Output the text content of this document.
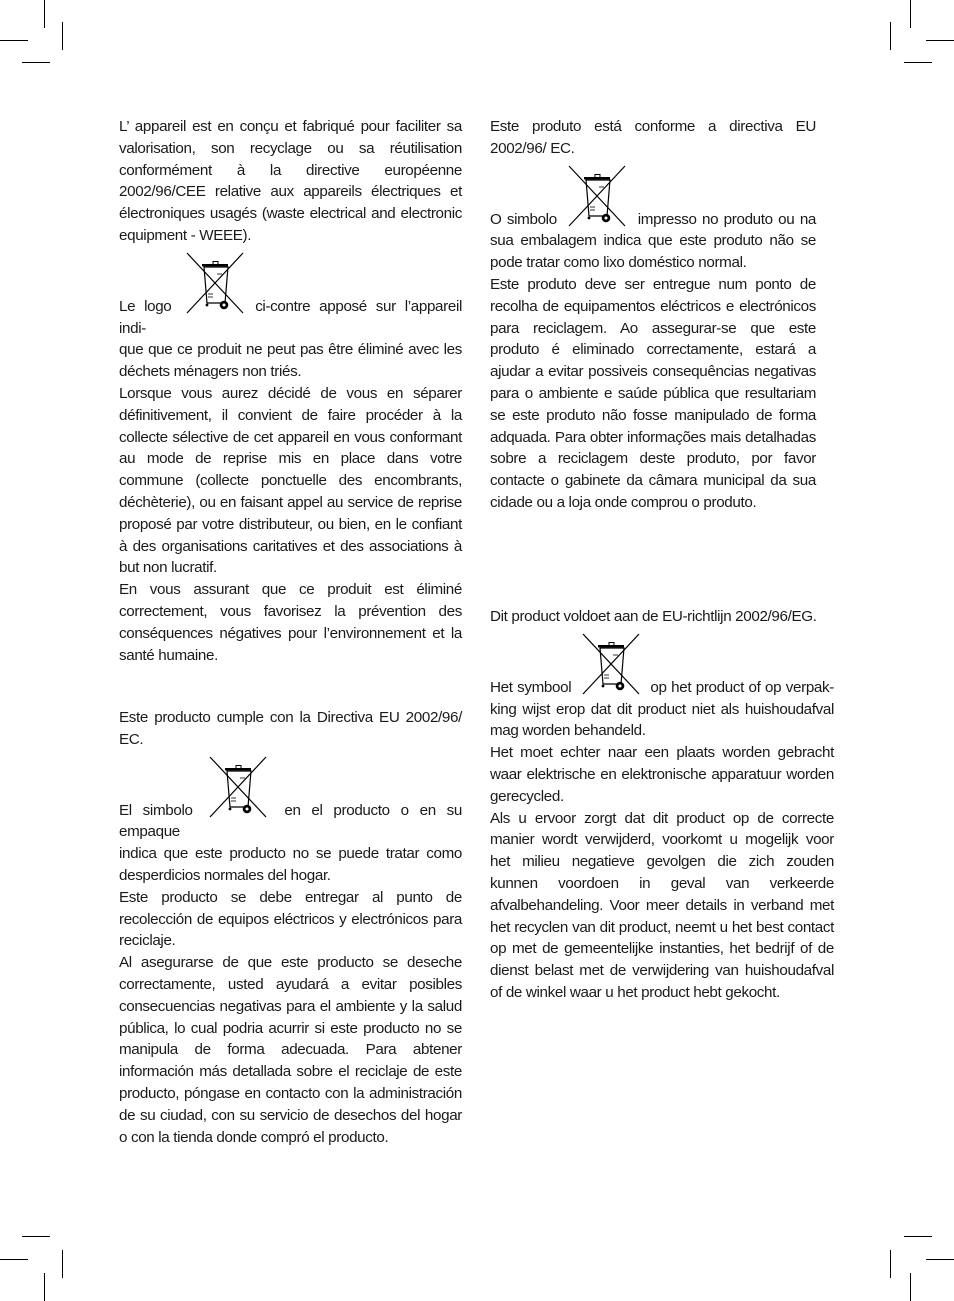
L’ appareil est en conçu et fabriqué pour faciliter sa valorisation, son recyclage ou sa réutilisation conformément à la directive européenne 2002/96/CEE relative aux appareils électriques et électroniques usagés (waste electrical and electronic equipment - WEEE).

Le logo	ci-contre apposé sur l’appareil indi-

que que ce produit ne peut pas être éliminé avec les déchets ménagers non triés.

Lorsque vous aurez décidé de vous en séparer définitivement, il convient de faire procéder à la collecte sélective de cet appareil en vous conformant au mode de reprise mis en place dans votre commune (collecte ponctuelle des encombrants, déchèterie), ou en faisant appel au service de reprise proposé par votre distributeur, ou bien, en le confiant à des organisations caritatives et des associations à but non lucratif.

En vous assurant que ce produit est éliminé correctement, vous favorisez la prévention des conséquences négatives pour l’environnement et la santé humaine.

Este produto está conforme a directiva EU 2002/96/ EC.

O simbolo	impresso no produto ou na

sua embalagem indica que este produto não se pode tratar como lixo doméstico normal.

Este produto deve ser entregue num ponto de recolha de equipamentos eléctricos e electrónicos para reciclagem. Ao assegurar-se que este produto é eliminado correctamente, estará a ajudar a evitar possiveis consequências negativas para o ambiente e saúde pública que resultariam se este produto não fosse manipulado de forma adquada. Para obter informações mais detalhadas sobre a reciclagem deste produto, por favor contacte o gabinete da câmara municipal da sua cidade ou a loja onde comprou o produto.

Este producto cumple con la Directiva EU 2002/96/ EC.

El simbolo	en el producto o en su empaque

indica que este producto no se puede tratar como desperdicios normales del hogar.

Este producto se debe entregar al punto de recolección de equipos eléctricos y electrónicos para reciclaje.

Al asegurarse de que este producto se deseche correctamente, usted ayudará a evitar posibles consecuencias negativas para el ambiente y la salud pública, lo cual podria acurrir si este producto no se manipula de forma adecuada. Para abtener información más detallada sobre el reciclaje de este producto, póngase en contacto con la administración de su ciudad, con su servicio de desechos del hogar o con la tienda donde compró el producto.

Dit product voldoet aan de EU-richtlijn 2002/96/EG.

Het symbool	op het product of op verpak-

king wijst erop dat dit product niet als huishoudafval mag worden behandeld.

Het moet echter naar een plaats worden gebracht waar elektrische en elektronische apparatuur worden gerecycled.

Als u ervoor zorgt dat dit product op de correcte manier wordt verwijderd, voorkomt u mogelijk voor het milieu negatieve gevolgen die zich zouden kunnen voordoen in geval van verkeerde afvalbehandeling. Voor meer details in verband met het recyclen van dit product, neemt u het best contact op met de gemeentelijke instanties, het bedrijf of de dienst belast met de verwijdering van huishoudafval of de winkel waar u het product hebt gekocht.
